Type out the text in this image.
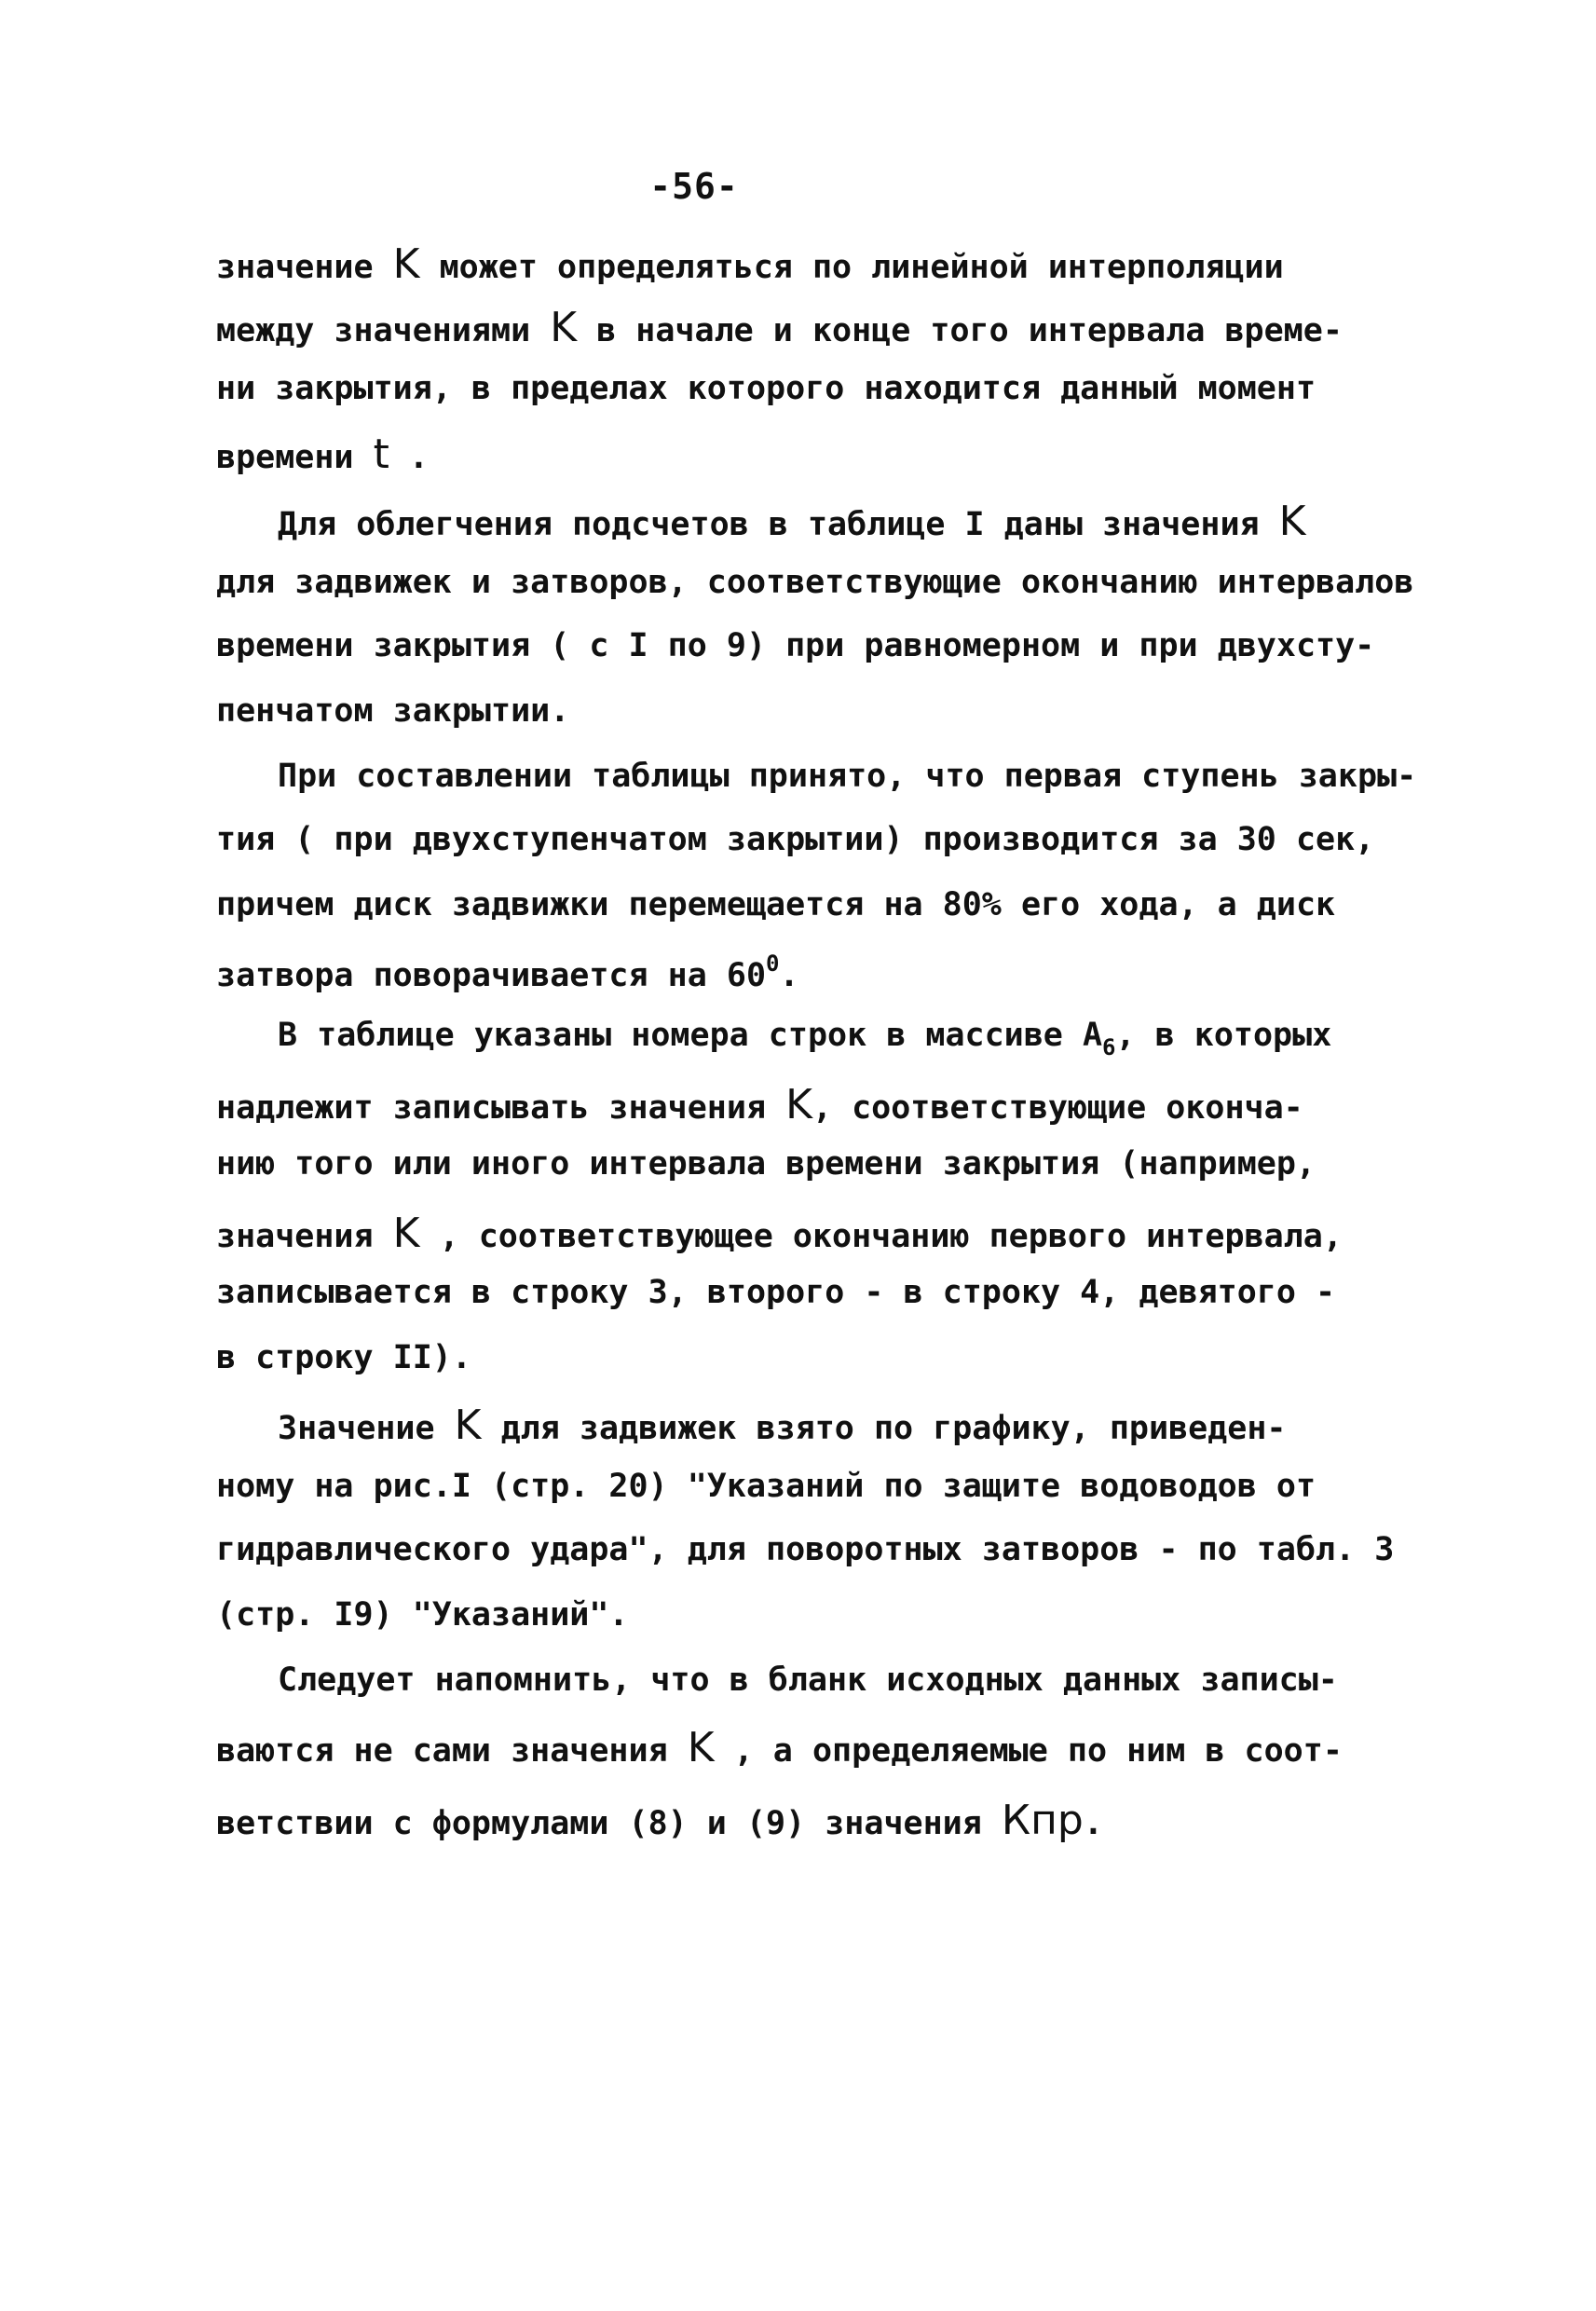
-56-
значение K может определяться по линейной интерполяции
между значениями K в начале и конце того интервала време-
ни закрытия, в пределах которого находится данный момент
времени t .
Для облегчения подсчетов в таблице I даны значения K
для задвижек и затворов, соответствующие окончанию интервалов
времени закрытия ( с I по 9) при равномерном и при двухсту-
пенчатом закрытии.
При составлении таблицы принято, что первая ступень закры-
тия ( при двухступенчатом закрытии) производится за 30 сек,
причем диск задвижки перемещается на 80% его хода, а диск
затвора поворачивается на $60^0$.
В таблице указаны номера строк в массиве $A_6$, в которых
надлежит записывать значения K, соответствующие оконча-
нию того или иного интервала времени закрытия (например,
значения K , соответствующее окончанию первого интервала,
записывается в строку 3, второго - в строку 4, девятого -
в строку II).
Значение K для задвижек взято по графику, приведен-
ному на рис.I (стр. 20) "Указаний по защите водоводов от
гидравлического удара", для поворотных затворов - по табл. 3
(стр. I9) "Указаний".
Следует напомнить, что в бланк исходных данных записы-
ваются не сами значения K , а определяемые по ним в соот-
ветствии с формулами (8) и (9) значения Кпр.
